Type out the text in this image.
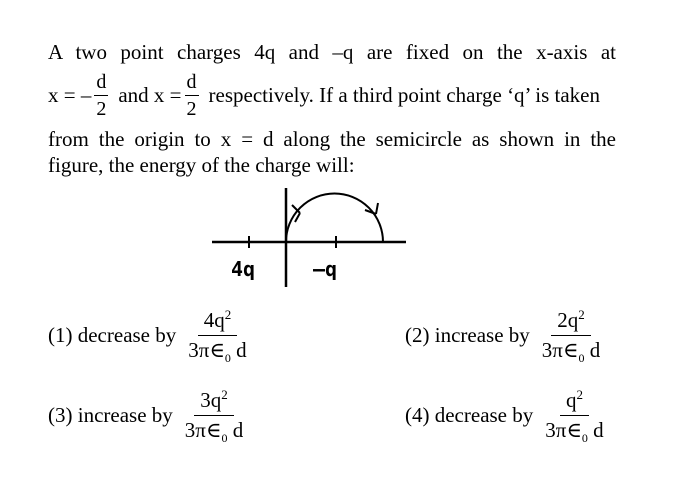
A two point charges 4q and –q are fixed on the x-axis at
x = – $\frac{d}{2}$ and $x = \frac{d}{2}$ respectively. If a third point charge ‘q’ is taken
from the origin to x = d along the semicircle as shown in the
figure, the energy of the charge will:
4q	–q
(1) decrease by $\frac{4q^2}{3\pi\in_0 d}$	(2) increase by $\frac{2q^2}{3\pi\in_0 d}$
(3) increase by $\frac{3q^2}{3\pi\in_0 d}$	(4) decrease by $\frac{q^2}{3\pi\in_0 d}$
